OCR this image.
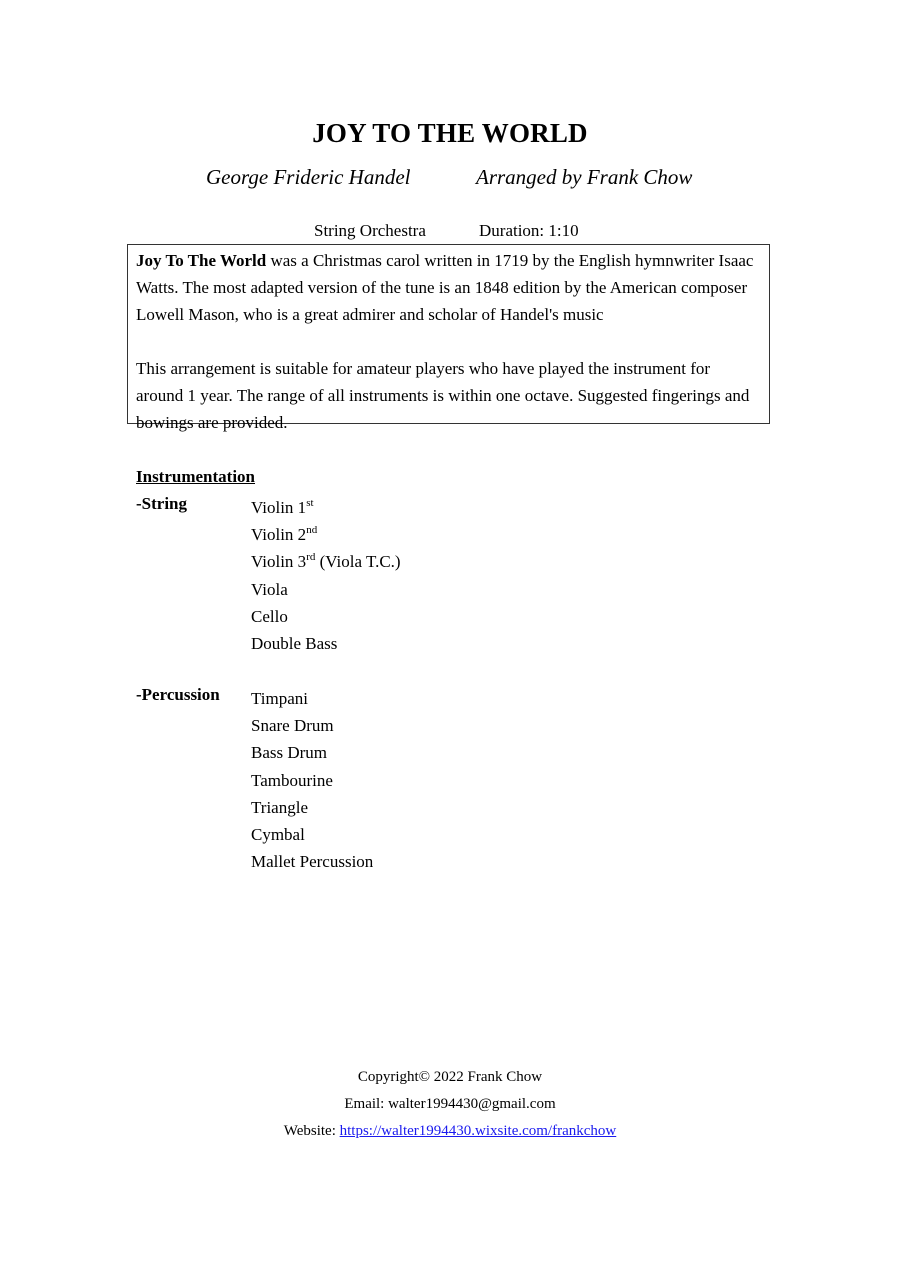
JOY TO THE WORLD
George Frideric Handel	Arranged by Frank Chow
String Orchestra	Duration: 1:10

Joy To The World was a Christmas carol written in 1719 by the English hymnwriter Isaac Watts. The most adapted version of the tune is an 1848 edition by the American composer Lowell Mason, who is a great admirer and scholar of Handel's music

This arrangement is suitable for amateur players who have played the instrument for around 1 year. The range of all instruments is within one octave. Suggested fingerings and bowings are provided.

Instrumentation
-String	Violin 1st
Violin 2nd
Violin 3rd (Viola T.C.)
Viola
Cello
Double Bass
-Percussion Timpani
Snare Drum
Bass Drum
Tambourine
Triangle
Cymbal
Mallet Percussion
Copyright© 2022 Frank Chow
Email: walter1994430@gmail.com
Website: https://walter1994430.wixsite.com/frankchow
